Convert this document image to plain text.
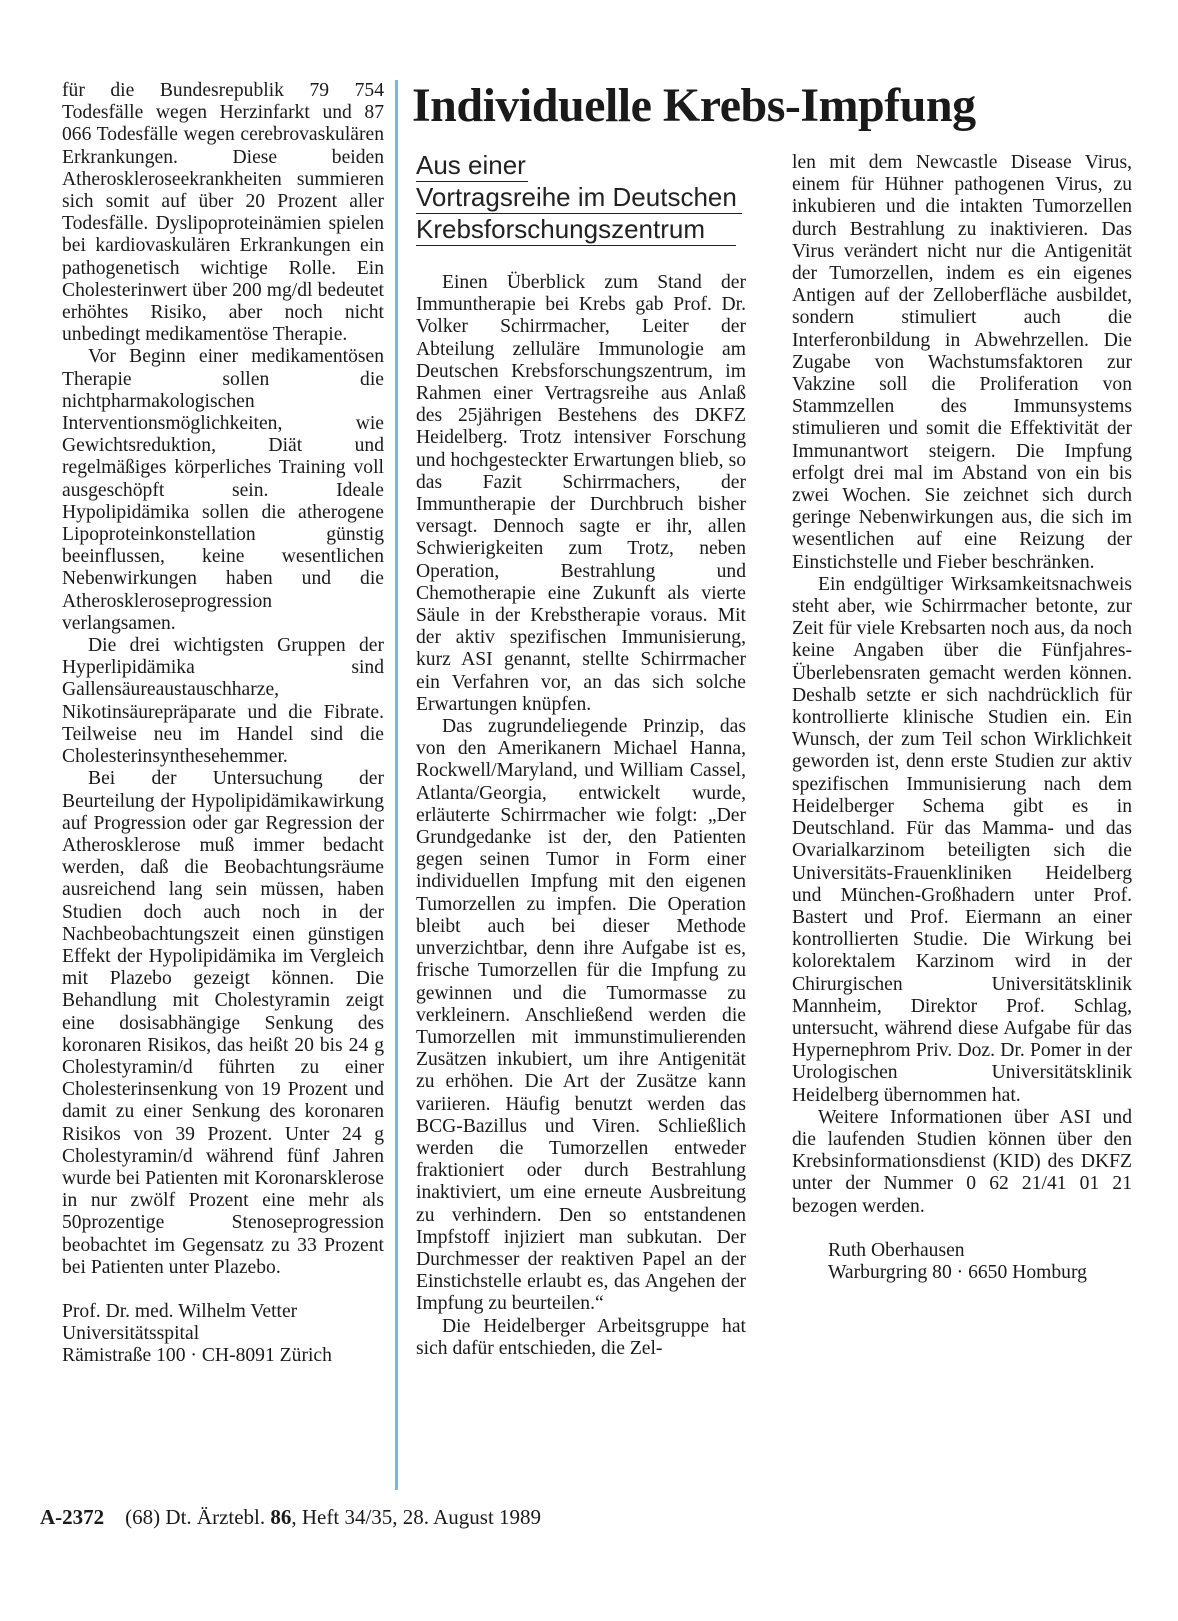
für die Bundesrepublik 79 754 Todesfälle wegen Herzinfarkt und 87 066 Todesfälle wegen cerebrovaskulären Erkrankungen. Diese beiden Atheroskleroseekrankheiten summieren sich somit auf über 20 Prozent aller Todesfälle. Dyslipoproteinämien spielen bei kardiovaskulären Erkrankungen ein pathogenetisch wichtige Rolle. Ein Cholesterinwert über 200 mg/dl bedeutet erhöhtes Risiko, aber noch nicht unbedingt medikamentöse Therapie.

Vor Beginn einer medikamentösen Therapie sollen die nichtpharmakologischen Interventionsmöglichkeiten, wie Gewichtsreduktion, Diät und regelmäßiges körperliches Training voll ausgeschöpft sein. Ideale Hypolipidämika sollen die atherogene Lipoproteinkonstellation günstig beeinflussen, keine wesentlichen Nebenwirkungen haben und die Atheroskleroseprogression verlangsamen.

Die drei wichtigsten Gruppen der Hyperlipidämika sind Gallensäureaustauschharze, Nikotinsäurepräparate und die Fibrate. Teilweise neu im Handel sind die Cholesterinsynthesehemmer.

Bei der Untersuchung der Beurteilung der Hypolipidämikawirkung auf Progression oder gar Regression der Atherosklerose muß immer bedacht werden, daß die Beobachtungsräume ausreichend lang sein müssen, haben Studien doch auch noch in der Nachbeobachtungszeit einen günstigen Effekt der Hypolipidämika im Vergleich mit Plazebo gezeigt können. Die Behandlung mit Cholestyramin zeigt eine dosisabhängige Senkung des koronaren Risikos, das heißt 20 bis 24 g Cholestyramin/d führten zu einer Cholesterinsenkung von 19 Prozent und damit zu einer Senkung des koronaren Risikos von 39 Prozent. Unter 24 g Cholestyramin/d während fünf Jahren wurde bei Patienten mit Koronarsklerose in nur zwölf Prozent eine mehr als 50prozentige Stenoseprogression beobachtet im Gegensatz zu 33 Prozent bei Patienten unter Plazebo.

Prof. Dr. med. Wilhelm Vetter
Universitätsspital
Rämistraße 100 · CH-8091 Zürich
Individuelle Krebs-Impfung
Aus einer
Vortragsreihe im Deutschen
Krebsforschungszentrum

Einen Überblick zum Stand der Immuntherapie bei Krebs gab Prof. Dr. Volker Schirrmacher, Leiter der Abteilung zelluläre Immunologie am Deutschen Krebsforschungszentrum, im Rahmen einer Vertragsreihe aus Anlaß des 25jährigen Bestehens des DKFZ Heidelberg. Trotz intensiver Forschung und hochgesteckter Erwartungen blieb, so das Fazit Schirrmachers, der Immuntherapie der Durchbruch bisher versagt. Dennoch sagte er ihr, allen Schwierigkeiten zum Trotz, neben Operation, Bestrahlung und Chemotherapie eine Zukunft als vierte Säule in der Krebstherapie voraus. Mit der aktiv spezifischen Immunisierung, kurz ASI genannt, stellte Schirrmacher ein Verfahren vor, an das sich solche Erwartungen knüpfen.

Das zugrundeliegende Prinzip, das von den Amerikanern Michael Hanna, Rockwell/Maryland, und William Cassel, Atlanta/Georgia, entwickelt wurde, erläuterte Schirrmacher wie folgt: „Der Grundgedanke ist der, den Patienten gegen seinen Tumor in Form einer individuellen Impfung mit den eigenen Tumorzellen zu impfen. Die Operation bleibt auch bei dieser Methode unverzichtbar, denn ihre Aufgabe ist es, frische Tumorzellen für die Impfung zu gewinnen und die Tumormasse zu verkleinern. Anschließend werden die Tumorzellen mit immunstimulierenden Zusätzen inkubiert, um ihre Antigenität zu erhöhen. Die Art der Zusätze kann variieren. Häufig benutzt werden das BCG-Bazillus und Viren. Schließlich werden die Tumorzellen entweder fraktioniert oder durch Bestrahlung inaktiviert, um eine erneute Ausbreitung zu verhindern. Den so entstandenen Impfstoff injiziert man subkutan. Der Durchmesser der reaktiven Papel an der Einstichstelle erlaubt es, das Angehen der Impfung zu beurteilen.“

Die Heidelberger Arbeitsgruppe hat sich dafür entschieden, die Zel-

len mit dem Newcastle Disease Virus, einem für Hühner pathogenen Virus, zu inkubieren und die intakten Tumorzellen durch Bestrahlung zu inaktivieren. Das Virus verändert nicht nur die Antigenität der Tumorzellen, indem es ein eigenes Antigen auf der Zelloberfläche ausbildet, sondern stimuliert auch die Interferonbildung in Abwehrzellen. Die Zugabe von Wachstumsfaktoren zur Vakzine soll die Proliferation von Stammzellen des Immunsystems stimulieren und somit die Effektivität der Immunantwort steigern. Die Impfung erfolgt drei mal im Abstand von ein bis zwei Wochen. Sie zeichnet sich durch geringe Nebenwirkungen aus, die sich im wesentlichen auf eine Reizung der Einstichstelle und Fieber beschränken.

Ein endgültiger Wirksamkeitsnachweis steht aber, wie Schirrmacher betonte, zur Zeit für viele Krebsarten noch aus, da noch keine Angaben über die Fünfjahres-Überlebensraten gemacht werden können. Deshalb setzte er sich nachdrücklich für kontrollierte klinische Studien ein. Ein Wunsch, der zum Teil schon Wirklichkeit geworden ist, denn erste Studien zur aktiv spezifischen Immunisierung nach dem Heidelberger Schema gibt es in Deutschland. Für das Mamma- und das Ovarialkarzinom beteiligten sich die Universitäts-Frauenkliniken Heidelberg und München-Großhadern unter Prof. Bastert und Prof. Eiermann an einer kontrollierten Studie. Die Wirkung bei kolorektalem Karzinom wird in der Chirurgischen Universitätsklinik Mannheim, Direktor Prof. Schlag, untersucht, während diese Aufgabe für das Hypernephrom Priv. Doz. Dr. Pomer in der Urologischen Universitätsklinik Heidelberg übernommen hat.

Weitere Informationen über ASI und die laufenden Studien können über den Krebsinformationsdienst (KID) des DKFZ unter der Nummer 0 62 21/41 01 21 bezogen werden.

Ruth Oberhausen
Warburgring 80 · 6650 Homburg
A-2372 (68) Dt. Ärztebl. 86, Heft 34/35, 28. August 1989
